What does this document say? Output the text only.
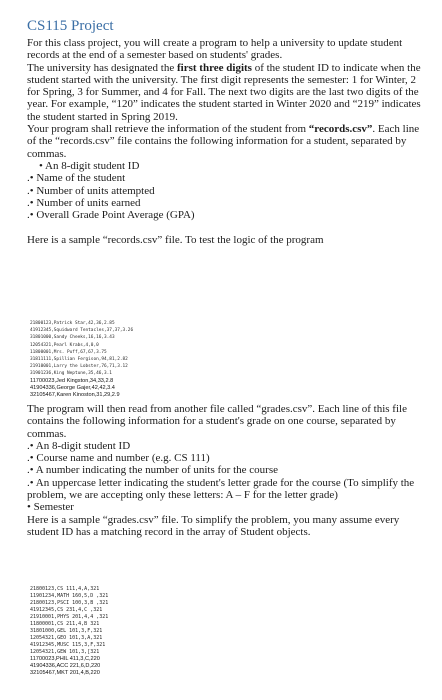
CS115 Project

For this class project, you will create a program to help a university to update student records at the end of a semester based on students' grades.

The university has designated the first three digits of the student ID to indicate when the student started with the university. The first digit represents the semester: 1 for Winter, 2 for Spring, 3 for Summer, and 4 for Fall. The next two digits are the last two digits of the year. For example, “120” indicates the student started in Winter 2020 and “219” indicates the student started in Spring 2019.

Your program shall retrieve the information of the student from “records.csv”. Each line of the “records.csv” file contains the following information for a student, separated by commas.

• An 8-digit student ID

.• Name of the student

.• Number of units attempted

.• Number of units earned

.• Overall Grade Point Average (GPA)

Here is a sample “records.csv” file. To test the logic of the program

21800123,Patrick Star,42,36,2.85
41912345,Squidward Tentacles,37,37,3.26
31801000,Sandy Cheeks,16,16,3.43
12054321,Pearl Krabs,4,0,0
11800001,Mrs. Puff,67,67,3.75
31811111,Spillian Fergison,94,81,2.82
21910001,Larry the Lobster,76,71,3.12
31901236,King Neptune,35,46,3.1
11700023,Jed Kingston,34,33,2.8
41904336,George Gajer,42,42,3.4
32105467,Karen Kinoston,31,29,2.9

The program will then read from another file called “grades.csv”. Each line of this file contains the following information for a student's grade on one course, separated by commas.

.• An 8-digit student ID

.• Course name and number (e.g. CS 111)

.• A number indicating the number of units for the course

.• An uppercase letter indicating the student's letter grade for the course (To simplify the problem, we are accepting only these letters: A – F for the letter grade)

• Semester

Here is a sample “grades.csv” file. To simplify the problem, you many assume every student ID has a matching record in the array of Student objects.

21800123,CS 111,4,A,321
11901234,MATH 160,5,D ,321
21800123,PSCI 100,3,B ,321
41912345,CS 231,4,C ,321
21910001,PHYS 201,4,4 ,321
11800001,CS 211,4,B 321
31801000,GEL 101,3,F,321
12054321,GEO 101,3,A,321
41912345,MUSC 115,3,F,321
12054321,GEW 101,3,[321
11700023,PHIL 411,3,C,220
41904336,ACC 221,6,D,220
32105467,MKT 201,4,B,220
